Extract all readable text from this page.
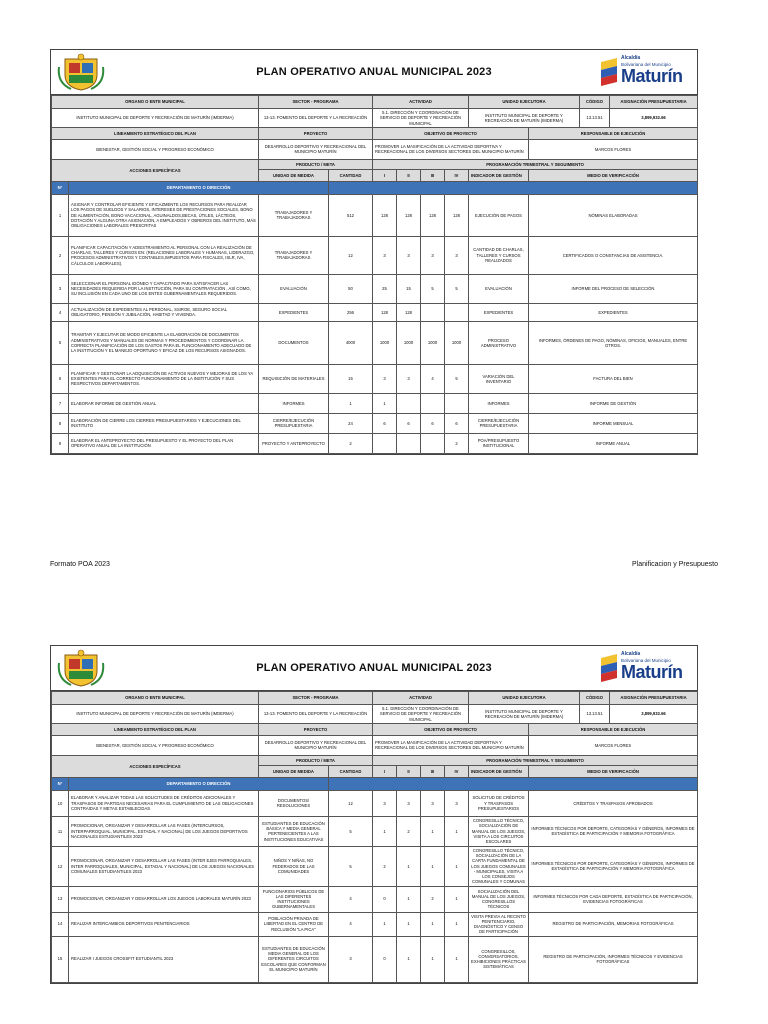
PLAN OPERATIVO ANUAL MUNICIPAL 2023
Alcaldía
Bolivariana del Municipio
Maturín
ORGANO O ENTE MUNICIPAL		SECTOR - PROGRAMA		ACTIVIDAD				UNIDAD EJECUTORA		CÓDIGO	ASIGNACIÓN PRESUPUESTARIA
INSTITUTO MUNICIPAL DE DEPORTE Y RECREACIÓN DE MATURÍN (IMDERMA)		13-13. FOMENTO DEL DEPORTE Y LA RECREACIÓN		5.1. DIRECCIÓN Y COORDINACIÓN DE SERVICIO DE DEPORTE Y RECREACIÓN MUNICIPAL				INSTITUTO MUNICIPAL DE DEPORTE Y RECREACIÓN DE MATURÍN (IMDERMA)		13.13.51	3,899,932.66
LINEAMIENTO ESTRATÉGICO DEL PLAN		PROYECTO		OBJETIVO DE PROYECTO					RESPONSABLE DE EJECUCIÓN		
BIENESTAR, GESTIÓN SOCIAL Y PROGRESO ECONÓMICO		DESARROLLO DEPORTIVO Y RECREACIONAL DEL MUNICIPIO MATURÍN		PROMOVER LA MASIFICACIÓN DE LA ACTIVIDAD DEPORTIVA Y RECREACIONAL DE LOS DIVERSOS SECTORES DEL MUNICIPIO MATURÍN					MARCOS FLORES		
ACCIONES ESPECÍFICAS		PRODUCTO / META		PROGRAMACIÓN TRIMESTRAL Y SEGUIMIENTO							
		UNIDAD DE MEDIDA	CANTIDAD	I	II	III	IV	INDICADOR DE GESTIÓN	MEDIO DE VERIFICACIÓN		
N°	DEPARTAMENTO O DIRECCIÓN										
1	ASIGNAR Y CONTROLAR EFICIENTE Y EFICAZMENTE LOS RECURSOS PARA REALIZAR LOS PAGOS DE SUELDOS Y SALARIOS, INTERESES DE PRESTACIONES SOCIALES, BONO DE ALIMENTACIÓN, BONO VACACIONAL, AGUINALDOS,BECAS, ÚTILES, LÁCTEOS, DOTACIÓN Y ALGUNA OTRA ASIGNACIÓN, A EMPLEADOS Y OBREROS DEL INSTITUTO, MÁS OBLIGACIONES LABORALES PRESCRITAS	TRABAJADORES Y TRABAJADORAS	512	128	128	128	128	EJECUCIÓN DE PAGOS	NÓMINAS ELABORADAS		
2	PLANIFICAR CAPACITACIÓN Y ADIESTRAMIENTO AL PERSONAL CON LA REALIZACIÓN DE CHARLAS, TALLERES Y CURSOS EN: (RELACIONES LABORALES Y HUMANAS, LIDERAZGO, PROCESOS ADMINISTRATIVOS Y CONTABLES,IMPUESTOS PARA FISCALES, ISLR, IVA, CÁLCULOS LABORALES).	TRABAJADORES Y TRABAJADORAS	12	3	3	3	3	CANTIDAD DE CHARLAS, TALLERES Y CURSOS REALIZADOS	CERTIFICADOS O CONSTANCIAS DE ASISTENCIA.		
3	SELECCIONAR EL PERSONAL IDÓNEO Y CAPACITADO PARA SATISFACER LAS NECESIDADES REQUERIDA POR LA INSTITUCIÓN, PARA SU CONTRATACIÓN , ASÍ COMO, SU INCLUSIÓN EN CADA UNO DE LOS ENTES GUBERNAMENTALES REQUERIDOS.	EVALUACIÓN	50	25	15	5	5	EVALUACIÓN	INFORME DEL PROCESO DE SELECCIÓN		
4	ACTUALIZACIÓN DE EXPEDIENTES AL PERSONAL, SSIROE, SEGURO SOCIAL OBLIGATORIO, PENSIÓN Y JUBILACIÓN, HABITAD Y VIVIENDA.	EXPEDIENTES	256	128	128			EXPEDIENTES	EXPEDIENTES		
5	TRAMITAR Y EJECUTAR DE MODO EFICIENTE LA ELABORACIÓN DE DOCUMENTOS ADMINISTRATIVOS Y MANUALES DE NORMAS Y PROCEDIMIENTOS Y COORDINAR LA CORRECTA PLANIFICACIÓN DE LOS GASTOS PARA EL FUNCIONAMIENTO ADECUADO DE LA INSTITUCIÓN Y EL MANEJO OPORTUNO Y EFICAZ DE LOS RECURSOS ASIGNADOS.	DOCUMENTOS	4000	1000	1000	1000	1000	PROCESO ADMINISTRATIVO	INFORMES, ÓRDENES DE PAGO, NÓMINAS, OFICIOS, MANUALES, ENTRE OTROS.		
6	PLANIFICAR Y GESTIONAR LA ADQUISICIÓN DE ACTIVOS NUEVOS Y MEJORAS DE LOS YA EXISTENTES PARA EL CORRECTO FUNCIONAMIENTO DE LA INSTITUCIÓN Y SUS RESPECTIVOS DEPARTAMENTOS.	REQUISICIÓN DE MATERIALES	15	3	3	4	5	VARIACIÓN DEL INVENTARIO	FACTURA DEL BIEN		
7	ELABORAR INFORME DE GESTIÓN ANUAL	INFORMES	1	1				INFORMES	INFORME DE GESTIÓN		
8	ELABORACIÓN DE CIERRE LOS CIERRES PRESUPUESTARIOS Y EJECUCIONES DEL INSTITUTO	CIERRE/EJECUCIÓN PRESUPUESTARIA	24	6	6	6	6	CIERRE/EJECUCIÓN PRESUPUESTARIA	INFORME MENSUAL		
9	ELABORAR EL ANTEPROYECTO DEL PRESUPUESTO Y EL PROYECTO DEL PLAN OPERATIVO ANUAL DE LA INSTITUCIÓN	PROYECTO Y ANTEPROYECTO	2				2	POA/PRESUPUESTO INSTITUCIONAL	INFORME ANUAL		
Formato POA 2023	Planificacion y Presupuesto
PLAN OPERATIVO ANUAL MUNICIPAL 2023
Alcaldía
Bolivariana del Municipio
Maturín
ORGANO O ENTE MUNICIPAL		SECTOR - PROGRAMA		ACTIVIDAD				UNIDAD EJECUTORA		CÓDIGO	ASIGNACIÓN PRESUPUESTARIA
INSTITUTO MUNICIPAL DE DEPORTE Y RECREACIÓN DE MATURÍN (IMDERMA)		13-13. FOMENTO DEL DEPORTE Y LA RECREACIÓN		5.1. DIRECCIÓN Y COORDINACIÓN DE SERVICIO DE DEPORTE Y RECREACIÓN MUNICIPAL				INSTITUTO MUNICIPAL DE DEPORTE Y RECREACIÓN DE MATURÍN (IMDERMA)		13.13.51	3,899,932.66
LINEAMIENTO ESTRATÉGICO DEL PLAN		PROYECTO		OBJETIVO DE PROYECTO					RESPONSABLE DE EJECUCIÓN		
BIENESTAR, GESTIÓN SOCIAL Y PROGRESO ECONÓMICO		DESARROLLO DEPORTIVO Y RECREACIONAL DEL MUNICIPIO MATURÍN		PROMOVER LA MASIFICACIÓN DE LA ACTIVIDAD DEPORTIVA Y RECREACIONAL DE LOS DIVERSOS SECTORES DEL MUNICIPIO MATURÍN					MARCOS FLORES		
ACCIONES ESPECÍFICAS		PRODUCTO / META		PROGRAMACIÓN TRIMESTRAL Y SEGUIMIENTO							
		UNIDAD DE MEDIDA	CANTIDAD	I	II	III	IV	INDICADOR DE GESTIÓN	MEDIO DE VERIFICACIÓN		
N°	DEPARTAMENTO O DIRECCIÓN										
10	ELABORAR Y ANALIZAR TODAS LAS SOLICITUDES DE CRÉDITOS ADICIONALES Y TRASPASOS DE PARTIDAS NECESARIAS PARA EL CUMPLIMIENTO DE LAS OBLIGACIONES CONTRAIDAS Y METAS ESTABLECIDAS	DOCUMENTOS/ RESOLUCIONES	12	3	3	3	3	SOLICITUD DE CRÉDITOS Y TRASPASOS PRESUPUESTARIOS	CRÉDITOS Y TRASPASOS APROBADOS		
11	PROMOCIONAR, ORGANIZAR Y DESARROLLAR LAS FASES (INTERCURSOS, INTERPARROQUIAL, MUNICIPAL, ESTADAL Y NACIONAL) DE LOS JUEGOS DEPORTIVOS NACIONALES ESTUDIANTILES 2023	ESTUDIANTES DE EDUCACIÓN BÁSICA Y MEDIA GENERAL PERTENECIENTES A LAS INSTITUCIONES EDUCATIVAS	5	1	2	1	1	CONGRESILLO TÉCNICO, SOCIALIZACIÓN DE MANUAL DE LOS JUEGOS, VISITA A LOS CIRCUITOS ESCOLARES	INFORMES TÉCNICOS POR DEPORTE, CATEGORÍAS Y GÉNEROS, INFORMES DE ESTADÍSTICA DE PARTICIPACIÓN Y MEMORIA FOTOGRÁFICA		
12	PROMOCIONAR, ORGANIZAR Y DESARROLLAR LAS FASES (INTER EJES PARROQUIALES, INTER PARROQUIALES, MUNICIPAL, ESTADAL Y NACIONAL) DE LOS JUEGOS NACIONALES COMUNALES ESTUDIANTILES 2023	NIÑOS Y NIÑAS, NO FEDERADOS DE LAS COMUNIDADES	5	2	1	1	1	CONGRESILLO TÉCNICO, SOCIALIZACIÓN DE LA CARTA FUNDAMENTAL DE LOS JUEGOS COMUNALES - MUNICIPALES, VISITA A LOS CONSEJOS COMUNALES Y COMUNAS	INFORMES TÉCNICOS POR DEPORTE, CATEGORÍAS Y GÉNEROS, INFORMES DE ESTADÍSTICA DE PARTICIPACIÓN Y MEMORIA FOTOGRÁFICA		
13	PROMOCIONAR, ORGANIZAR Y DESARROLLAR LOS JUEGOS LABORALES MATURÍN 2023	FUNCIONARIOS PÚBLICOS DE LAS DIFERENTES INSTITUCIONES GUBERNAMENTALES	4	0	1	2	1	SOCIALIZACIÓN DEL MANUAL DE LOS JUEGOS, CONGRESILLOS TÉCNICOS	INFORMES TÉCNICOS POR CADA DEPORTE, ESTADÍSTICA DE PARTICIPACIÓN, EVIDENCIAS FOTOGRÁFICAS		
14	REALIZAR INTERCAMBIOS DEPORTIVOS PENITENCIARIOS	POBLACIÓN PRIVADA DE LIBERTAD EN EL CENTRO DE RECLUSIÓN "LA PICA"	4	1	1	1	1	VISITA PREVIA AL RECINTO PENITENCIARIO, DIAGNÓSTICO Y CENSO DE PARTICIPACIÓN	REGISTRO DE PARTICIPACIÓN, MEMORIAS FOTOGRÁFICAS		
15	REALIZAR I JUEGOS CROSSFIT ESTUDIANTIL 2023	ESTUDIANTES DE EDUCACIÓN MEDIA GENERAL DE LOS DIFERENTES CIRCUITOS ESCOLARES QUE CONFORMAN EL MUNICIPIO MATURÍN	3	0	1	1	1	CONGRESILLOS, CONVERSATORIOS, EXHIBICIONES PRÁCTICAS SISTEMÁTICAS	REGISTRO DE PARTICIPACIÓN, INFORMES TÉCNICOS Y EVIDENCIAS FOTOGRÁFICAS		
